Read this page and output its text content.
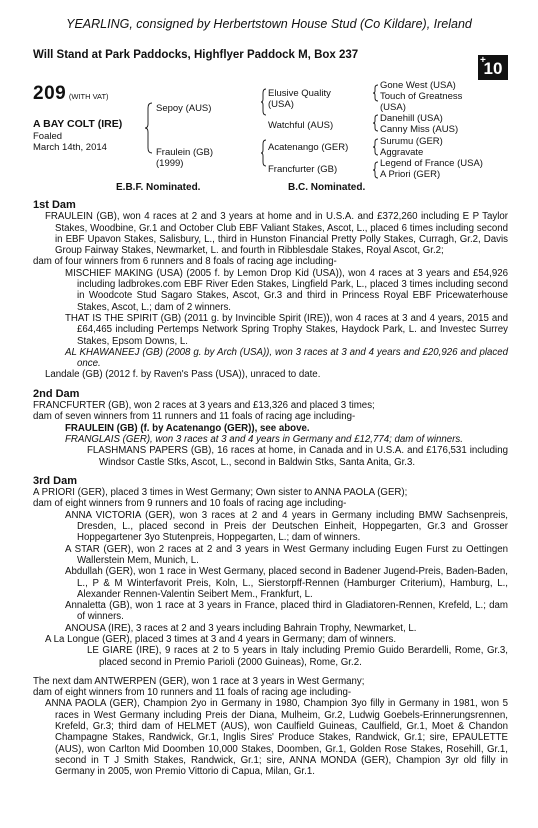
YEARLING, consigned by Herbertstown House Stud (Co Kildare), Ireland
Will Stand at Park Paddocks, Highflyer Paddock M, Box 237	+
10
209 (WITH VAT)
A BAY COLT (IRE)
Foaled
March 14th, 2014
Sepoy (AUS)
Fraulein (GB)
(1999)
Elusive Quality
(USA)
Watchful (AUS)
Acatenango (GER)
Francfurter (GB)
Gone West (USA)
Touch of Greatness
(USA)
Danehill (USA)
Canny Miss (AUS)
Surumu (GER)
Aggravate
Legend of France (USA)
A Priori (GER)
E.B.F. Nominated.	B.C. Nominated.

1st Dam

FRAULEIN (GB), won 4 races at 2 and 3 years at home and in U.S.A. and £372,260 including E P Taylor Stakes, Woodbine, Gr.1 and October Club EBF Valiant Stakes, Ascot, L., placed 6 times including second in EBF Upavon Stakes, Salisbury, L., third in Hunston Financial Pretty Polly Stakes, Curragh, Gr.2, Davis Group Fairway Stakes, Newmarket, L. and fourth in Ribblesdale Stakes, Royal Ascot, Gr.2;

dam of four winners from 6 runners and 8 foals of racing age including-

MISCHIEF MAKING (USA) (2005 f. by Lemon Drop Kid (USA)), won 4 races at 3 years and £54,926 including ladbrokes.com EBF River Eden Stakes, Lingfield Park, L., placed 3 times including second in Woodcote Stud Sagaro Stakes, Ascot, Gr.3 and third in Princess Royal EBF Pricewaterhouse Stakes, Ascot, L.; dam of 2 winners.

THAT IS THE SPIRIT (GB) (2011 g. by Invincible Spirit (IRE)), won 4 races at 3 and 4 years, 2015 and £64,465 including Pertemps Network Spring Trophy Stakes, Haydock Park, L. and Investec Surrey Stakes, Epsom Downs, L.

AL KHAWANEEJ (GB) (2008 g. by Arch (USA)), won 3 races at 3 and 4 years and £20,926 and placed once.

Landale (GB) (2012 f. by Raven's Pass (USA)), unraced to date.

2nd Dam

FRANCFURTER (GB), won 2 races at 3 years and £13,326 and placed 3 times;

dam of seven winners from 11 runners and 11 foals of racing age including-

FRAULEIN (GB) (f. by Acatenango (GER)), see above.

FRANGLAIS (GER), won 3 races at 3 and 4 years in Germany and £12,774; dam of winners.

FLASHMANS PAPERS (GB), 16 races at home, in Canada and in U.S.A. and £176,531 including Windsor Castle Stks, Ascot, L., second in Baldwin Stks, Santa Anita, Gr.3.

3rd Dam

A PRIORI (GER), placed 3 times in West Germany; Own sister to ANNA PAOLA (GER);

dam of eight winners from 9 runners and 10 foals of racing age including-

ANNA VICTORIA (GER), won 3 races at 2 and 4 years in Germany including BMW Sachsenpreis, Dresden, L., placed second in Preis der Deutschen Einheit, Hoppegarten, Gr.3 and Grosser Hoppegartener 3yo Stutenpreis, Hoppegarten, L.; dam of winners.

A STAR (GER), won 2 races at 2 and 3 years in West Germany including Eugen Furst zu Oettingen Wallerstein Mem, Munich, L.

Abdullah (GER), won 1 race in West Germany, placed second in Badener Jugend-Preis, Baden-Baden, L., P & M Winterfavorit Preis, Koln, L., Sierstorpff-Rennen (Hamburger Criterium), Hamburg, L., Alexander Rennen-Valentin Seibert Mem., Frankfurt, L.

Annaletta (GB), won 1 race at 3 years in France, placed third in Gladiatoren-Rennen, Krefeld, L.; dam of winners.

ANOUSA (IRE), 3 races at 2 and 3 years including Bahrain Trophy, Newmarket, L.

A La Longue (GER), placed 3 times at 3 and 4 years in Germany; dam of winners.

LE GIARE (IRE), 9 races at 2 to 5 years in Italy including Premio Guido Berardelli, Rome, Gr.3, placed second in Premio Parioli (2000 Guineas), Rome, Gr.2.

The next dam ANTWERPEN (GER), won 1 race at 3 years in West Germany;

dam of eight winners from 10 runners and 11 foals of racing age including-

ANNA PAOLA (GER), Champion 2yo in Germany in 1980, Champion 3yo filly in Germany in 1981, won 5 races in West Germany including Preis der Diana, Mulheim, Gr.2, Ludwig Goebels-Erinnerungsrennen, Krefeld, Gr.3; third dam of HELMET (AUS), won Caulfield Guineas, Caulfield, Gr.1, Moet & Chandon Champagne Stakes, Randwick, Gr.1, Inglis Sires' Produce Stakes, Randwick, Gr.1; sire, EPAULETTE (AUS), won Carlton Mid Doomben 10,000 Stakes, Doomben, Gr.1, Golden Rose Stakes, Rosehill, Gr.1, second in T J Smith Stakes, Randwick, Gr.1; sire, ANNA MONDA (GER), Champion 3yr old filly in Germany in 2005, won Premio Vittorio di Capua, Milan, Gr.1.
